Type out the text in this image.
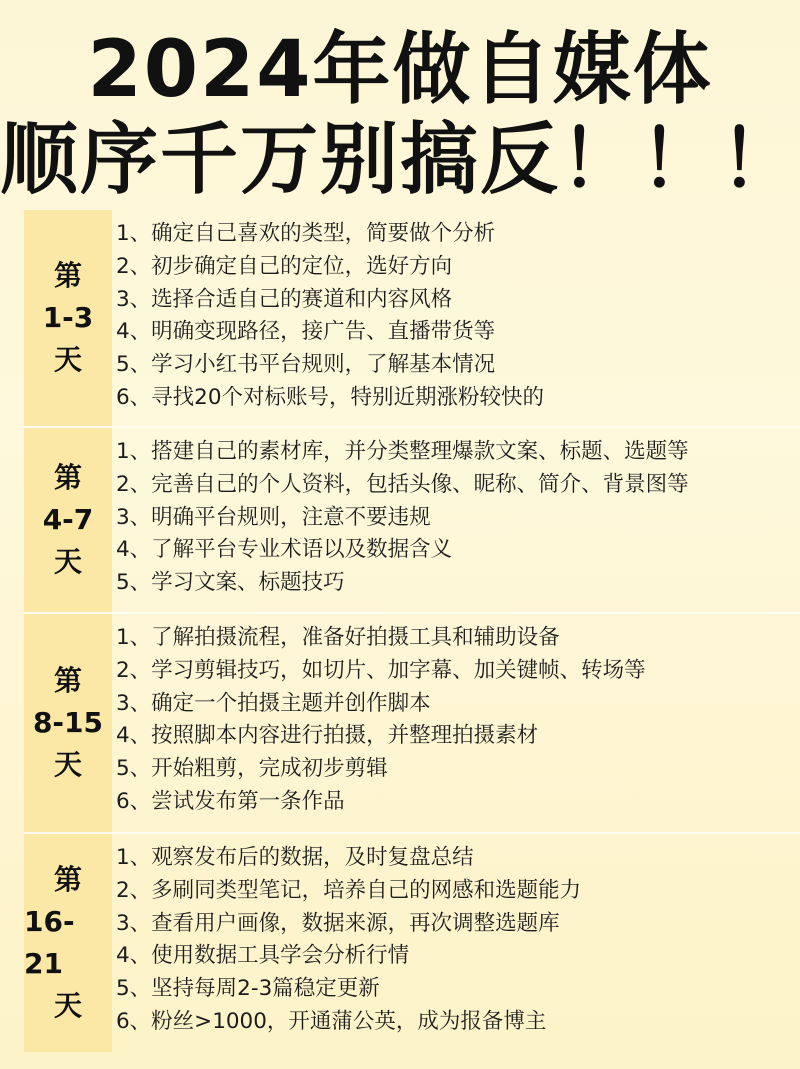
2024年做自媒体
顺序千万别搞反！！！
第
1-3
天
1、确定自己喜欢的类型，简要做个分析
2、初步确定自己的定位，选好方向
3、选择合适自己的赛道和内容风格
4、明确变现路径，接广告、直播带货等
5、学习小红书平台规则，了解基本情况
6、寻找20个对标账号，特别近期涨粉较快的
第
4-7
天
1、搭建自己的素材库，并分类整理爆款文案、标题、选题等
2、完善自己的个人资料，包括头像、昵称、简介、背景图等
3、明确平台规则，注意不要违规
4、了解平台专业术语以及数据含义
5、学习文案、标题技巧
第
8-15
天
1、了解拍摄流程，准备好拍摄工具和辅助设备
2、学习剪辑技巧，如切片、加字幕、加关键帧、转场等
3、确定一个拍摄主题并创作脚本
4、按照脚本内容进行拍摄，并整理拍摄素材
5、开始粗剪，完成初步剪辑
6、尝试发布第一条作品
第
16-21
天
1、观察发布后的数据，及时复盘总结
2、多刷同类型笔记，培养自己的网感和选题能力
3、查看用户画像，数据来源，再次调整选题库
4、使用数据工具学会分析行情
5、坚持每周2-3篇稳定更新
6、粉丝>1000，开通蒲公英，成为报备博主
